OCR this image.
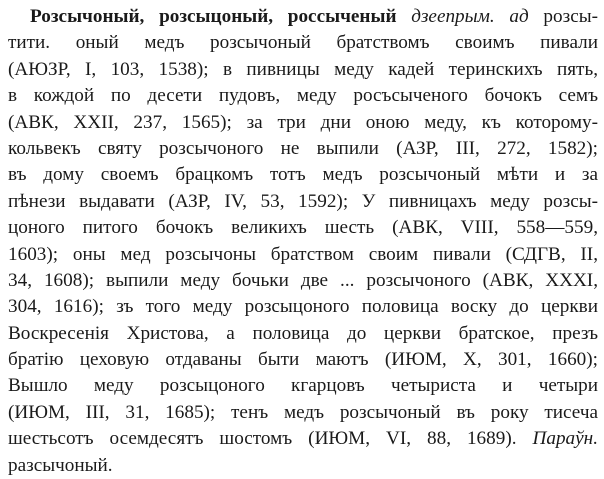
Розсычоный, розсыцоный, россыченый дзеепрым. ад розсы-
тити. оный медъ розсычоный братствомъ своимъ пивали
(АЮЗР, I, 103, 1538); в пивницы меду кадей теринскихъ пять,
в кождой по десети пудовъ, меду росъсыченого бочокъ семъ
(АВК, XXII, 237, 1565); за три дни оною меду, къ которому-
кольвекъ святу розсычоного не выпили (АЗР, III, 272, 1582);
въ дому своемъ брацкомъ тотъ медъ розсычоный мѣти и за
пѣнези выдавати (АЗР, IV, 53, 1592); У пивницахъ меду розсы-
цоного питого бочокъ великихъ шесть (АВК, VIII, 558—559,
1603); оны мед розсычоны братством своим пивали (СДГВ, II,
34, 1608); выпили меду бочьки две ... розсычоного (АВК, XXXI,
304, 1616); зъ того меду розсыцоного половица воску до церкви
Воскресенія Христова, а половица до церкви братское, презъ
братію цеховую отдаваны быти маютъ (ИЮМ, X, 301, 1660);
Вышло меду розсыцоного кгарцовъ четыриста и четыри
(ИЮМ, III, 31, 1685); тенъ медъ розсычоный въ року тисеча
шестьсотъ осемдесятъ шостомъ (ИЮМ, VI, 88, 1689). Параўн.
разсычоный.
